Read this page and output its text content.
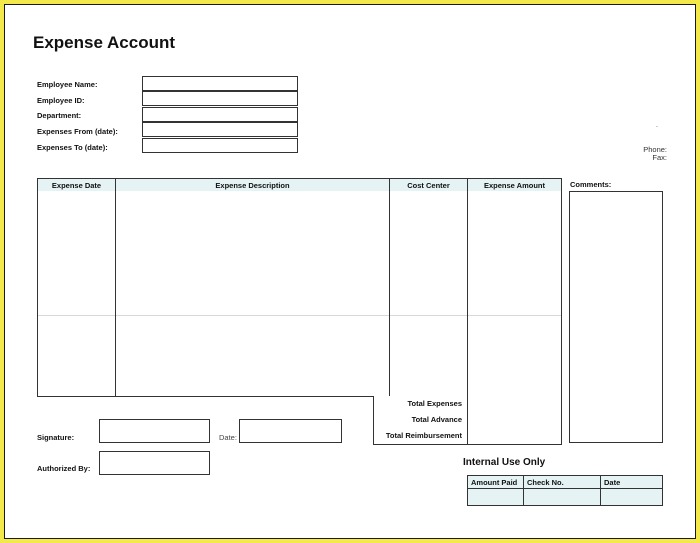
Expense Account
Employee Name:
Employee ID:
Department:
Expenses From (date):
Expenses To (date):
.
Phone:
Fax:
Expense Date	Expense Description	Cost Center	Expense Amount
Total Expenses
Total Advance
Total Reimbursement
Comments:
Signature:	Date:
Authorized By:
Internal Use Only
Amount Paid	Check No.	Date
